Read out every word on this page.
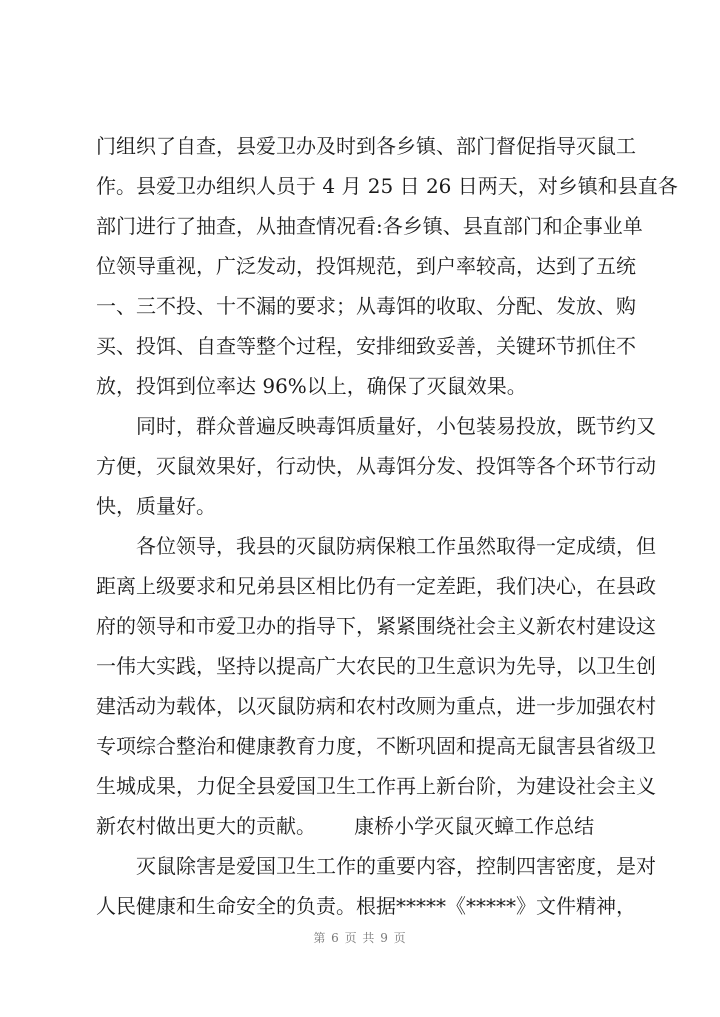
门组织了自查，县爱卫办及时到各乡镇、部门督促指导灭鼠工
作。县爱卫办组织人员于 4 月 25 日 26 日两天，对乡镇和县直各
部门进行了抽查，从抽查情况看:各乡镇、县直部门和企事业单
位领导重视，广泛发动，投饵规范，到户率较高，达到了五统
一、三不投、十不漏的要求；从毒饵的收取、分配、发放、购
买、投饵、自查等整个过程，安排细致妥善，关键环节抓住不
放，投饵到位率达 96%以上，确保了灭鼠效果。
同时，群众普遍反映毒饵质量好，小包装易投放，既节约又
方便，灭鼠效果好，行动快，从毒饵分发、投饵等各个环节行动
快，质量好。
各位领导，我县的灭鼠防病保粮工作虽然取得一定成绩，但
距离上级要求和兄弟县区相比仍有一定差距，我们决心，在县政
府的领导和市爱卫办的指导下，紧紧围绕社会主义新农村建设这
一伟大实践，坚持以提高广大农民的卫生意识为先导，以卫生创
建活动为载体，以灭鼠防病和农村改厕为重点，进一步加强农村
专项综合整治和健康教育力度，不断巩固和提高无鼠害县省级卫
生城成果，力促全县爱国卫生工作再上新台阶，为建设社会主义
新农村做出更大的贡献。      康桥小学灭鼠灭蟑工作总结
灭鼠除害是爱国卫生工作的重要内容，控制四害密度，是对
人民健康和生命安全的负责。根据*****《*****》文件精神，
第 6 页 共 9 页
